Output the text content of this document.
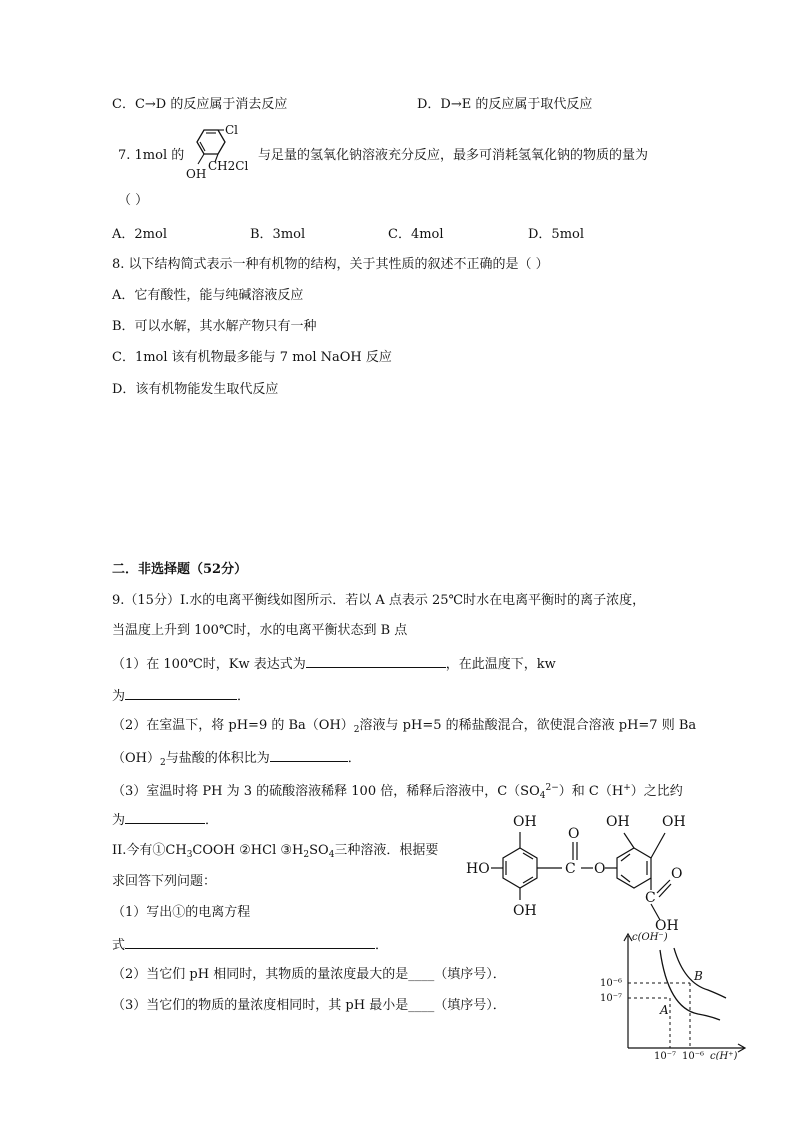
C．C→D 的反应属于消去反应	D．D→E 的反应属于取代反应
7. 1mol 的
Cl
CH2Cl
OH
与足量的氢氧化钠溶液充分反应，最多可消耗氢氧化钠的物质的量为
（ ）
A．2mol	B．3mol	C．4mol	D．5mol
8. 以下结构简式表示一种有机物的结构，关于其性质的叙述不正确的是（ ）
A．它有酸性，能与纯碱溶液反应
B．可以水解，其水解产物只有一种
C．1mol 该有机物最多能与 7 mol NaOH 反应
D．该有机物能发生取代反应
二．非选择题（52分）
9.（15分）I.水的电离平衡线如图所示．若以 A 点表示 25℃时水在电离平衡时的离子浓度，
当温度上升到 100℃时，水的电离平衡状态到 B 点
（1）在 100℃时，Kw 表达式为	，在此温度下，kw
为	．
（2）在室温下，将 pH=9 的 $Ba(OH)_2$溶液与 pH=5 的稀盐酸混合，欲使混合溶液 pH=7 则 Ba
$(OH)_2$与盐酸的体积比为	．
（3）室温时将 PH 为 3 的硫酸溶液稀释 100 倍，稀释后溶液中，$C(SO_4^{2-})$和 C（H+）之比约
为	．
II.今有$①CH_3COOH$ ②HCl $③H_2SO_4$三种溶液．根据要
求回答下列问题：
（1）写出①的电离方程
式	．
（2）当它们 pH 相同时，其物质的量浓度最大的是____（填序号）．
（3）当它们的物质的量浓度相同时，其 pH 最小是____（填序号）．
OH
HO
OH
C
O
O
OH OH
C
O
OH
c(OH⁻)
10⁻⁶
10⁻⁷
10⁻⁷ 10⁻⁶ c(H⁺)
A
B
